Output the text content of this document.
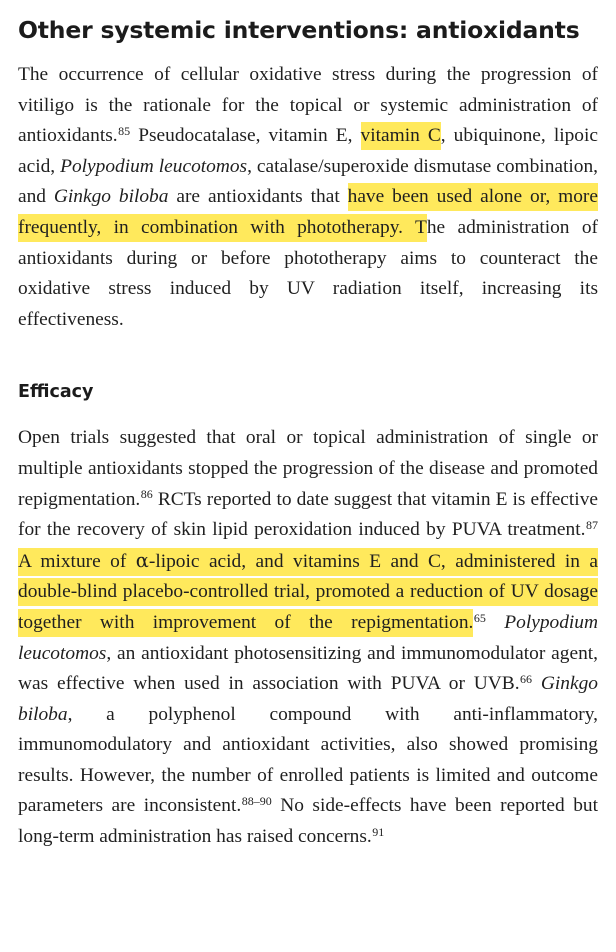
Other systemic interventions: antioxidants

The occurrence of cellular oxidative stress during the progression of vitiligo is the rationale for the topical or systemic administration of antioxidants.$^{85}$ Pseudocatalase, vitamin E, vitamin C, ubiquinone, lipoic acid, Polypodium leucotomos, catalase/superoxide dismutase combination, and Ginkgo biloba are antioxidants that have been used alone or, more frequently, in combination with phototherapy. The administration of antioxidants during or before phototherapy aims to counteract the oxidative stress induced by UV radiation itself, increasing its effectiveness.

Efficacy

Open trials suggested that oral or topical administration of single or multiple antioxidants stopped the progression of the disease and promoted repigmentation.$^{86}$ RCTs reported to date suggest that vitamin E is effective for the recovery of skin lipid peroxidation induced by PUVA treatment.$^{87}$ A mixture of α-lipoic acid, and vitamins E and C, administered in a double-blind placebo-controlled trial, promoted a reduction of UV dosage together with improvement of the repigmentation.$^{65}$ Polypodium leucotomos, an antioxidant photosensitizing and immunomodulator agent, was effective when used in association with PUVA or UVB.$^{66}$ Ginkgo biloba, a polyphenol compound with anti-inflammatory, immunomodulatory and antioxidant activities, also showed promising results. However, the number of enrolled patients is limited and outcome parameters are inconsistent.$^{88-90}$ No side-effects have been reported but long-term administration has raised concerns.$^{91}$
